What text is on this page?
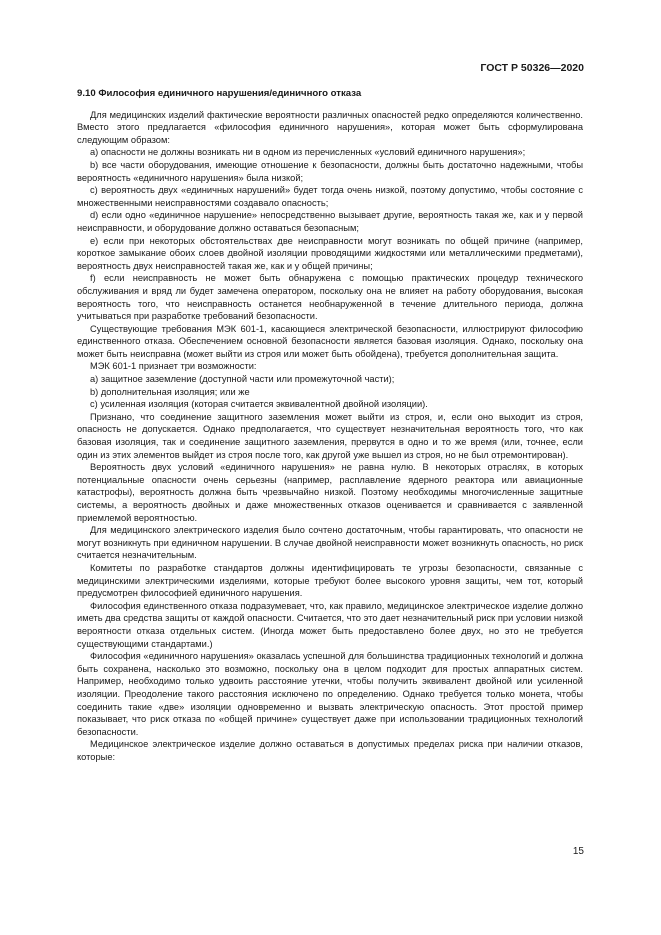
ГОСТ Р 50326—2020
9.10 Философия единичного нарушения/единичного отказа

Для медицинских изделий фактические вероятности различных опасностей редко определяются количественно. Вместо этого предлагается «философия единичного нарушения», которая может быть сформулирована следующим образом:

a) опасности не должны возникать ни в одном из перечисленных «условий единичного нарушения»;

b) все части оборудования, имеющие отношение к безопасности, должны быть достаточно надежными, чтобы вероятность «единичного нарушения» была низкой;

c) вероятность двух «единичных нарушений» будет тогда очень низкой, поэтому допустимо, чтобы состояние с множественными неисправностями создавало опасность;

d) если одно «единичное нарушение» непосредственно вызывает другие, вероятность такая же, как и у первой неисправности, и оборудование должно оставаться безопасным;

e) если при некоторых обстоятельствах две неисправности могут возникать по общей причине (например, короткое замыкание обоих слоев двойной изоляции проводящими жидкостями или металлическими предметами), вероятность двух неисправностей такая же, как и у общей причины;

f) если неисправность не может быть обнаружена с помощью практических процедур технического обслуживания и вряд ли будет замечена оператором, поскольку она не влияет на работу оборудования, высокая вероятность того, что неисправность останется необнаруженной в течение длительного периода, должна учитываться при разработке требований безопасности.

Существующие требования МЭК 601-1, касающиеся электрической безопасности, иллюстрируют философию единственного отказа. Обеспечением основной безопасности является базовая изоляция. Однако, поскольку она может быть неисправна (может выйти из строя или может быть обойдена), требуется дополнительная защита.

МЭК 601-1 признает три возможности:

a) защитное заземление (доступной части или промежуточной части);

b) дополнительная изоляция; или же

c) усиленная изоляция (которая считается эквивалентной двойной изоляции).

Признано, что соединение защитного заземления может выйти из строя, и, если оно выходит из строя, опасность не допускается. Однако предполагается, что существует незначительная вероятность того, что как базовая изоляция, так и соединение защитного заземления, прервутся в одно и то же время (или, точнее, если один из этих элементов выйдет из строя после того, как другой уже вышел из строя, но не был отремонтирован).

Вероятность двух условий «единичного нарушения» не равна нулю. В некоторых отраслях, в которых потенциальные опасности очень серьезны (например, расплавление ядерного реактора или авиационные катастрофы), вероятность должна быть чрезвычайно низкой. Поэтому необходимы многочисленные защитные системы, а вероятность двойных и даже множественных отказов оценивается и сравнивается с заявленной приемлемой вероятностью.

Для медицинского электрического изделия было сочтено достаточным, чтобы гарантировать, что опасности не могут возникнуть при единичном нарушении. В случае двойной неисправности может возникнуть опасность, но риск считается незначительным.

Комитеты по разработке стандартов должны идентифицировать те угрозы безопасности, связанные с медицинскими электрическими изделиями, которые требуют более высокого уровня защиты, чем тот, который предусмотрен философией единичного нарушения.

Философия единственного отказа подразумевает, что, как правило, медицинское электрическое изделие должно иметь два средства защиты от каждой опасности. Считается, что это дает незначительный риск при условии низкой вероятности отказа отдельных систем. (Иногда может быть предоставлено более двух, но это не требуется существующими стандартами.)

Философия «единичного нарушения» оказалась успешной для большинства традиционных технологий и должна быть сохранена, насколько это возможно, поскольку она в целом подходит для простых аппаратных систем. Например, необходимо только удвоить расстояние утечки, чтобы получить эквивалент двойной или усиленной изоляции. Преодоление такого расстояния исключено по определению. Однако требуется только монета, чтобы соединить такие «две» изоляции одновременно и вызвать электрическую опасность. Этот простой пример показывает, что риск отказа по «общей причине» существует даже при использовании традиционных технологий безопасности.

Медицинское электрическое изделие должно оставаться в допустимых пределах риска при наличии отказов, которые:

15
